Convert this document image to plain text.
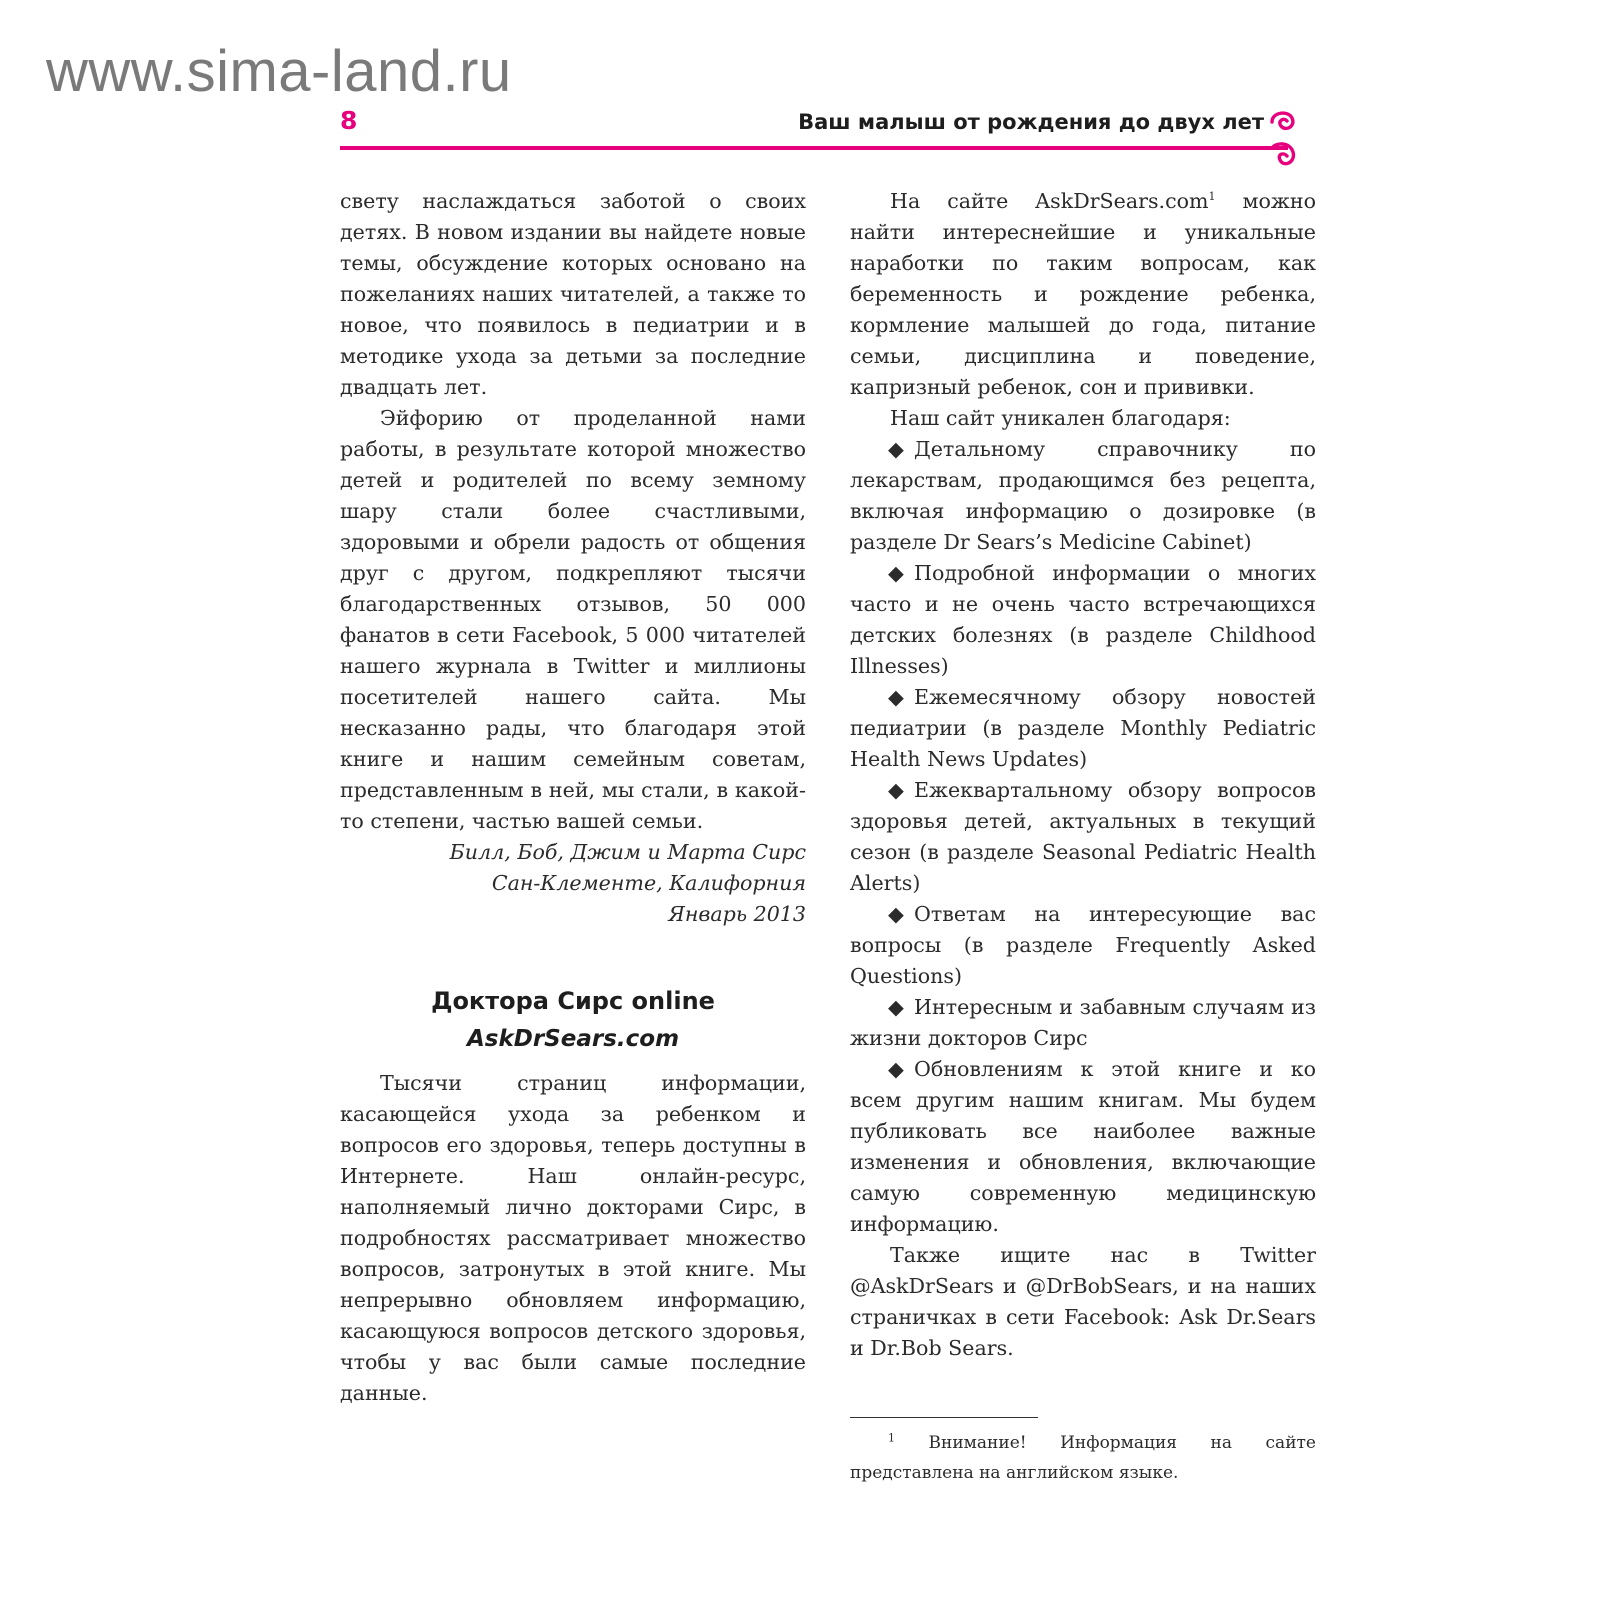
www.sima-land.ru
8	Ваш малыш от рождения до двух лет

свету наслаждаться заботой о своих детях. В новом издании вы найдете новые темы, обсуждение которых основано на пожеланиях наших читателей, а также то новое, что появилось в педиатрии и в методике ухода за детьми за последние двадцать лет.

Эйфорию от проделанной нами работы, в результате которой множество детей и родителей по всему земному шару стали более счастливыми, здоровыми и обрели радость от общения друг с другом, подкрепляют тысячи благодарственных отзывов, 50 000 фанатов в сети Facebook, 5 000 читателей нашего журнала в Twitter и миллионы посетителей нашего сайта. Мы несказанно рады, что благодаря этой книге и нашим семейным советам, представленным в ней, мы стали, в какой-то степени, частью вашей семьи.

Билл, Боб, Джим и Марта Сирс

Сан-Клементе, Калифорния

Январь 2013

Доктора Сирс online
AskDrSears.com

Тысячи страниц информации, касающейся ухода за ребенком и вопросов его здоровья, теперь доступны в Интернете. Наш онлайн-ресурс, наполняемый лично докторами Сирс, в подробностях рассматривает множество вопросов, затронутых в этой книге. Мы непрерывно обновляем информацию, касающуюся вопросов детского здоровья, чтобы у вас были самые последние данные.

На сайте AskDrSears.com$^1$ можно найти интереснейшие и уникальные наработки по таким вопросам, как беременность и рождение ребенка, кормление малышей до года, питание семьи, дисциплина и поведение, капризный ребенок, сон и прививки.

Наш сайт уникален благодаря:

◆ Детальному справочнику по лекарствам, продающимся без рецепта, включая информацию о дозировке (в разделе Dr Sears’s Medicine Cabinet)

◆ Подробной информации о многих часто и не очень часто встречающихся детских болезнях (в разделе Childhood Illnesses)

◆ Ежемесячному обзору новостей педиатрии (в разделе Monthly Pediatric Health News Updates)

◆ Ежеквартальному обзору вопросов здоровья детей, актуальных в текущий сезон (в разделе Seasonal Pediatric Health Alerts)

◆ Ответам на интересующие вас вопросы (в разделе Frequently Asked Questions)

◆ Интересным и забавным случаям из жизни докторов Сирс

◆ Обновлениям к этой книге и ко всем другим нашим книгам. Мы будем публиковать все наиболее важные изменения и обновления, включающие самую современную медицинскую информацию.

Также ищите нас в Twitter @AskDrSears и @DrBobSears, и на наших страничках в сети Facebook: Ask Dr.Sears и Dr.Bob Sears.

$^1$ Внимание! Информация на сайте представлена на английском языке.
